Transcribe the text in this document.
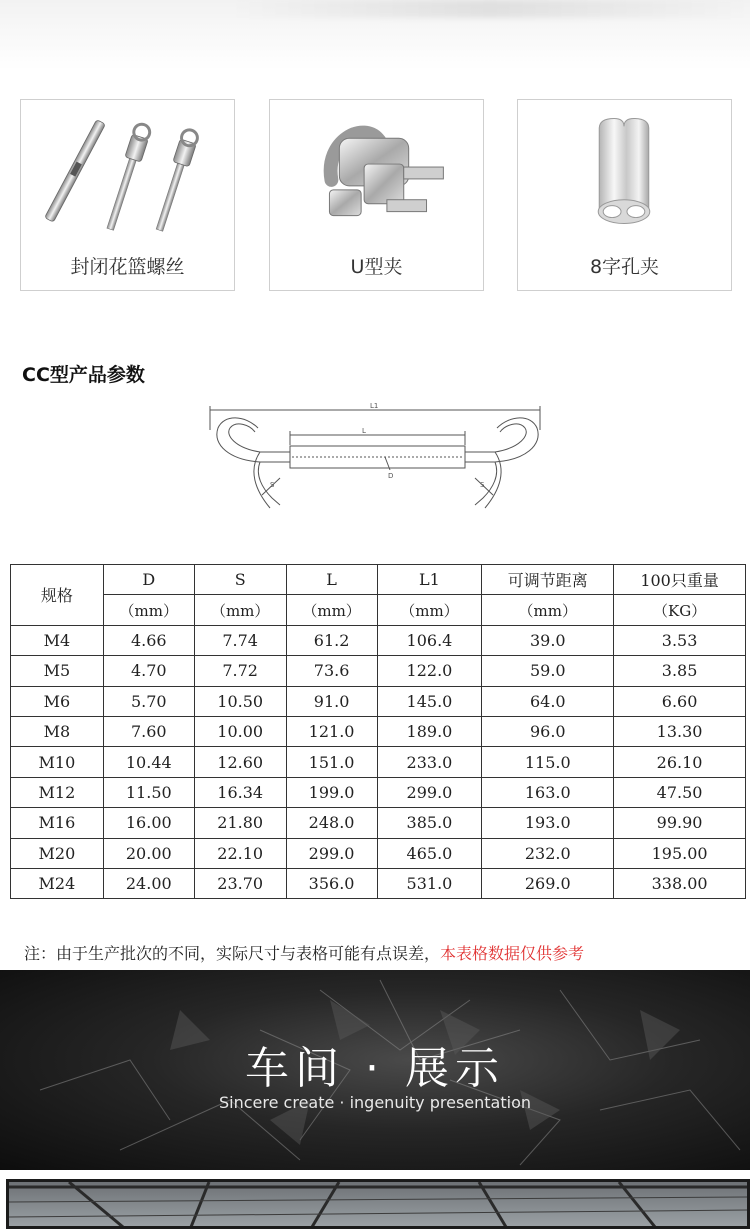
封闭花篮螺丝	U型夹	8字孔夹
CC型产品参数
L1
L
D
S	S
规格	D	S	L	L1	可调节距离	100只重量
	（mm）	（mm）	（mm）	（mm）	（mm）	（KG）
M4	4.66	7.74	61.2	106.4	39.0	3.53
M5	4.70	7.72	73.6	122.0	59.0	3.85
M6	5.70	10.50	91.0	145.0	64.0	6.60
M8	7.60	10.00	121.0	189.0	96.0	13.30
M10	10.44	12.60	151.0	233.0	115.0	26.10
M12	11.50	16.34	199.0	299.0	163.0	47.50
M16	16.00	21.80	248.0	385.0	193.0	99.90
M20	20.00	22.10	299.0	465.0	232.0	195.00
M24	24.00	23.70	356.0	531.0	269.0	338.00
注：由于生产批次的不同，实际尺寸与表格可能有点误差，本表格数据仅供参考
车间 · 展示
Sincere create · ingenuity presentation
